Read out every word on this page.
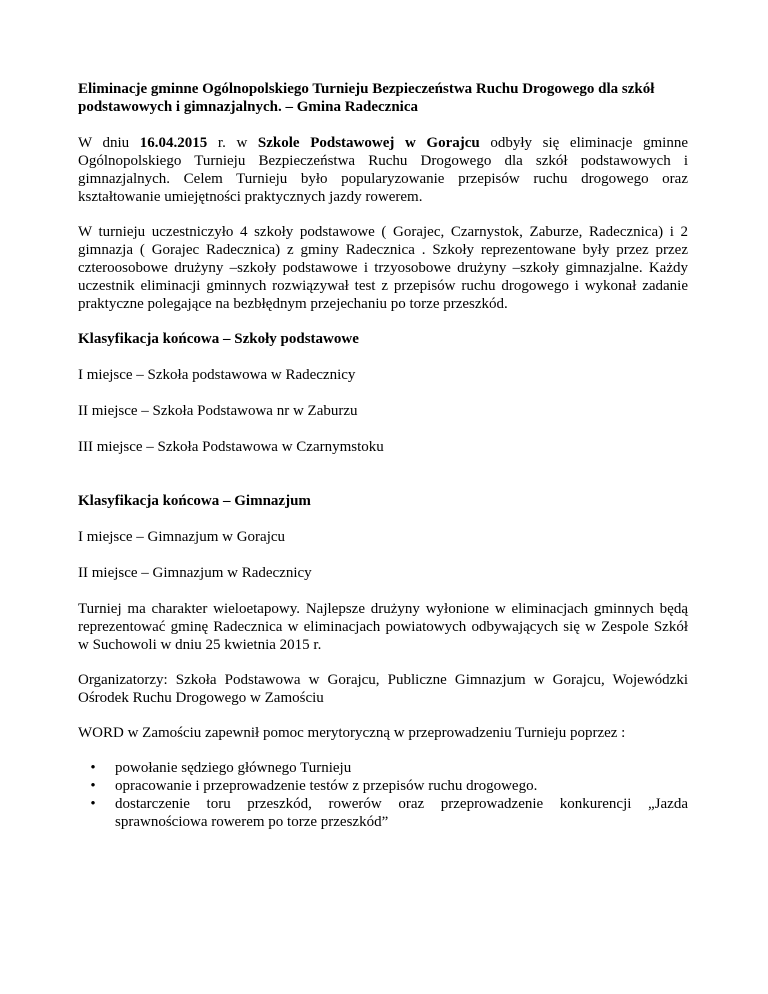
Eliminacje gminne Ogólnopolskiego Turnieju Bezpieczeństwa Ruchu Drogowego dla szkół podstawowych i gimnazjalnych. – Gmina Radecznica

W dniu 16.04.2015 r. w Szkole Podstawowej w Gorajcu odbyły się eliminacje gminne Ogólnopolskiego Turnieju Bezpieczeństwa Ruchu Drogowego dla szkół podstawowych i gimnazjalnych. Celem Turnieju było popularyzowanie przepisów ruchu drogowego oraz kształtowanie umiejętności praktycznych jazdy rowerem.

W turnieju uczestniczyło 4 szkoły podstawowe ( Gorajec, Czarnystok, Zaburze, Radecznica) i 2 gimnazja ( Gorajec Radecznica) z gminy Radecznica . Szkoły reprezentowane były przez przez czteroosobowe drużyny –szkoły podstawowe i trzyosobowe drużyny –szkoły gimnazjalne. Każdy uczestnik eliminacji gminnych rozwiązywał test z przepisów ruchu drogowego i wykonał zadanie praktyczne polegające na bezbłędnym przejechaniu po torze przeszkód.

Klasyfikacja końcowa – Szkoły podstawowe

I miejsce – Szkoła podstawowa w Radecznicy

II miejsce – Szkoła Podstawowa nr w Zaburzu

III miejsce – Szkoła Podstawowa w Czarnymstoku

Klasyfikacja końcowa – Gimnazjum

I miejsce – Gimnazjum w Gorajcu

II miejsce – Gimnazjum w Radecznicy

Turniej ma charakter wieloetapowy. Najlepsze drużyny wyłonione w eliminacjach gminnych będą reprezentować gminę Radecznica w eliminacjach powiatowych odbywających się w Zespole Szkół w Suchowoli w dniu 25 kwietnia 2015 r.

Organizatorzy: Szkoła Podstawowa w Gorajcu, Publiczne Gimnazjum w Gorajcu, Wojewódzki Ośrodek Ruchu Drogowego w Zamościu

WORD w Zamościu zapewnił pomoc merytoryczną w przeprowadzeniu Turnieju poprzez :

• powołanie sędziego głównego Turnieju
• opracowanie i przeprowadzenie testów z przepisów ruchu drogowego.
• dostarczenie toru przeszkód, rowerów oraz przeprowadzenie konkurencji „Jazda sprawnościowa rowerem po torze przeszkód”
